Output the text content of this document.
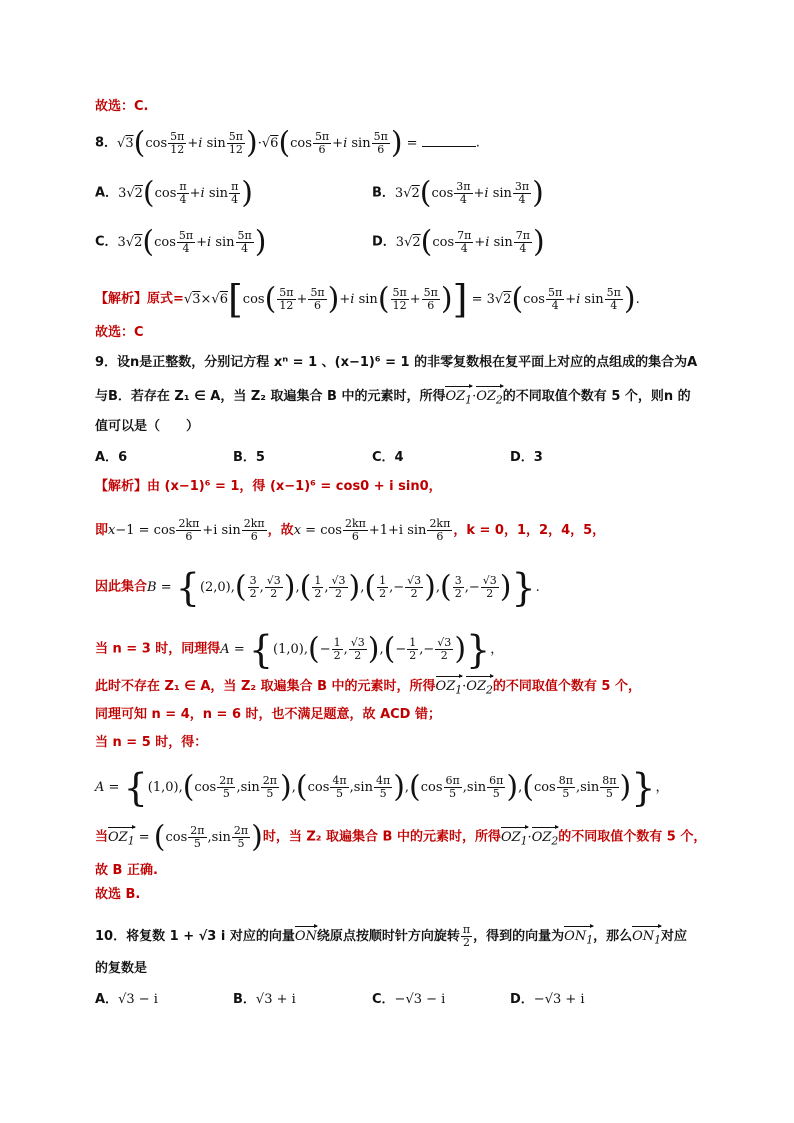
故选：C.
8．$√3(\cos \frac{5\pi}{12} +i$ $\sin \frac{5\pi}{12} )\cdot√6(\cos \frac{5\pi}{6} +i$ $\sin \frac{5\pi}{6}$ ) =	.
A．$3√2(\cos \frac{\pi}{4} +i$ $\sin \frac{\pi}{4}$ )	B．$3√2(\cos \frac{3\pi}{4} +i$ $\sin \frac{3\pi}{4}$ )
C．$3√2(\cos \frac{5\pi}{4} +i$ $\sin \frac{5\pi}{4}$ )	D．$3√2(\cos \frac{7\pi}{4} +i$ $\sin \frac{7\pi}{4}$ )
【解析】原式$=√3\times√6[\cos( \frac{5\pi}{12} + \frac{5\pi}{6} )+i$ $\sin( \frac{5\pi}{12} + \frac{5\pi}{6}$ )] = $3√2(\cos \frac{5\pi}{4} +i$ $\sin \frac{5\pi}{4}$ ).
故选：C
9．设n是正整数，分别记方程 xⁿ = 1 、(x−1)⁶ = 1 的非零复数根在复平面上对应的点组成的集合为A
与B．若存在 Z₁ ∈ A，当 Z₂ 取遍集合 B 中的元素时，所得$OZ_1\cdot OZ_2$的不同取值个数有 5 个，则n 的
值可以是（　　）
A．6	B．5	C．4	D．3
【解析】由 (x−1)⁶ = 1，得 (x−1)⁶ = cos0 + i sin0，
即$x-1 = \cos \frac{2k\pi}{6} +i$ $\sin \frac{2k\pi}{6}$ ，故$x = \cos \frac{2k\pi}{6} +1+i$ $\sin \frac{2k\pi}{6}$ ，k = 0，1，2，4，5，
因此集合$B = \{(2,0),( \frac{3}{2}$ , $\frac{√3}{2}$ ),( $\frac{1}{2}$ , $\frac{√3}{2}$ ),( $\frac{1}{2}$ ,− $\frac{√3}{2}$ ),( $\frac{3}{2}$ ,− $\frac{√3}{2}$ )}.
当 n = 3 时，同理得$A = \{(1,0),(- \frac{1}{2}$ , $\frac{√3}{2}$ ),(− $\frac{1}{2}$ ,− $\frac{√3}{2}$ )}，
此时不存在 Z₁ ∈ A，当 Z₂ 取遍集合 B 中的元素时，所得$OZ_1\cdot OZ_2$的不同取值个数有 5 个，
同理可知 n = 4，n = 6 时，也不满足题意，故 ACD 错；
当 n = 5 时，得：
$A = \{(1,0),(\cos \frac{2\pi}{5} ,\sin \frac{2\pi}{5} ),(\cos \frac{4\pi}{5} ,\sin \frac{4\pi}{5} ),(\cos \frac{6\pi}{5} ,\sin \frac{6\pi}{5} ),(\cos \frac{8\pi}{5} ,\sin \frac{8\pi}{5}$ )}，
当$OZ_1 = (\cos \frac{2\pi}{5} ,\sin \frac{2\pi}{5}$ )时，当 Z₂ 取遍集合 B 中的元素时，所得$OZ_1\cdot OZ_2$的不同取值个数有 5 个，
故 B 正确.
故选 B.
10．将复数 1 + √3 i 对应的向量ON绕原点按顺时针方向旋转 $\frac{\pi}{2}$ ，得到的向量为$ON_1$，那么$ON_1$对应
的复数是
A．√3 − i	B．√3 + i	C．−√3 − i	D．−√3 + i
